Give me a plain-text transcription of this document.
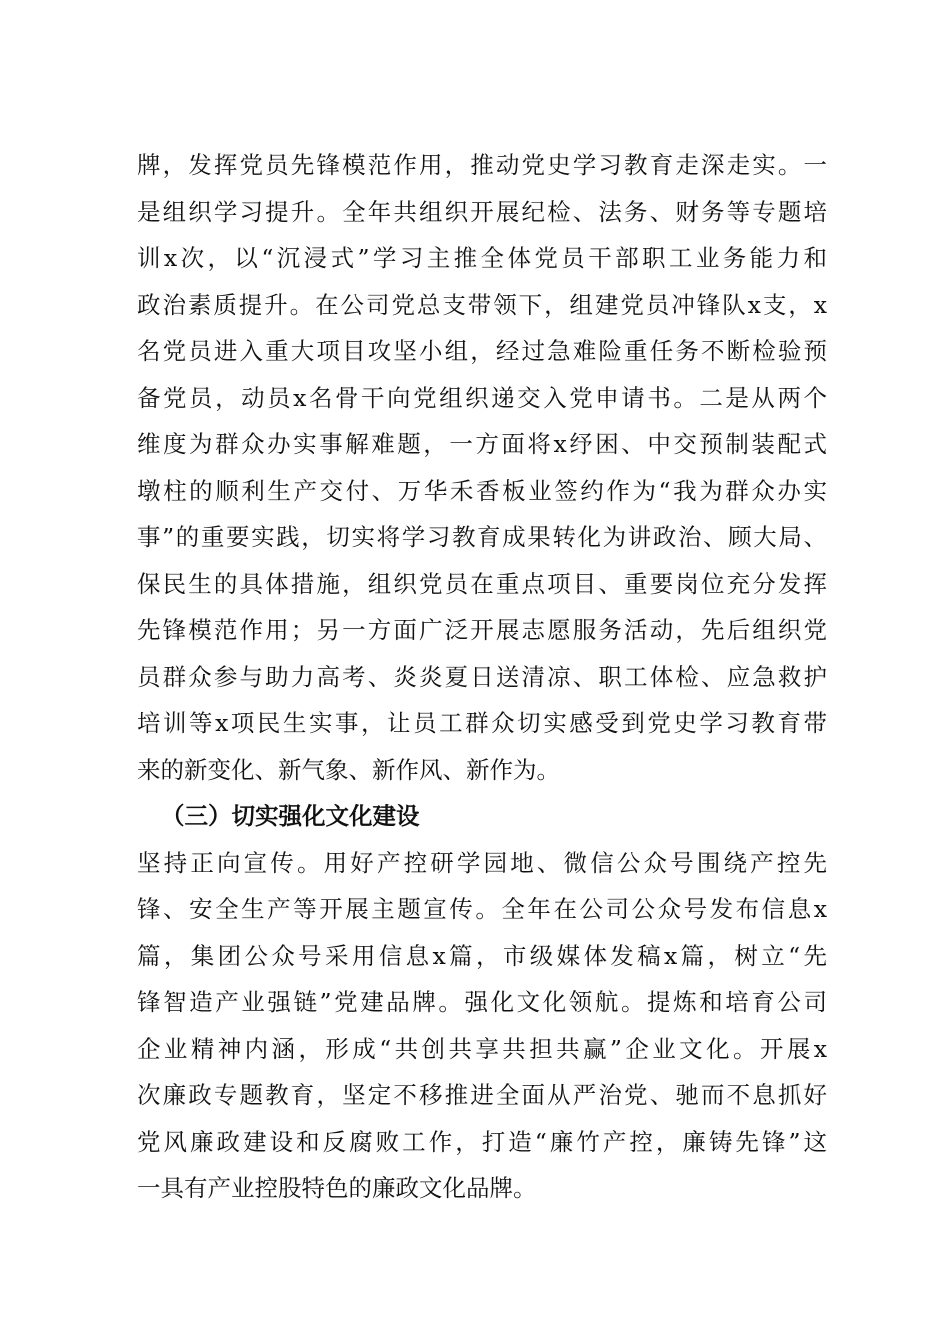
牌，发挥党员先锋模范作用，推动党史学习教育走深走实。一
是组织学习提升。全年共组织开展纪检、法务、财务等专题培
训x次，以“沉浸式”学习主推全体党员干部职工业务能力和
政治素质提升。在公司党总支带领下，组建党员冲锋队x支，x
名党员进入重大项目攻坚小组，经过急难险重任务不断检验预
备党员，动员x名骨干向党组织递交入党申请书。二是从两个
维度为群众办实事解难题，一方面将x纾困、中交预制装配式
墩柱的顺利生产交付、万华禾香板业签约作为“我为群众办实
事”的重要实践，切实将学习教育成果转化为讲政治、顾大局、
保民生的具体措施，组织党员在重点项目、重要岗位充分发挥
先锋模范作用；另一方面广泛开展志愿服务活动，先后组织党
员群众参与助力高考、炎炎夏日送清凉、职工体检、应急救护
培训等x项民生实事，让员工群众切实感受到党史学习教育带
来的新变化、新气象、新作风、新作为。
（三）切实强化文化建设
坚持正向宣传。用好产控研学园地、微信公众号围绕产控先
锋、安全生产等开展主题宣传。全年在公司公众号发布信息x
篇，集团公众号采用信息x篇，市级媒体发稿x篇，树立“先
锋智造产业强链”党建品牌。强化文化领航。提炼和培育公司
企业精神内涵，形成“共创共享共担共赢”企业文化。开展x
次廉政专题教育，坚定不移推进全面从严治党、驰而不息抓好
党风廉政建设和反腐败工作，打造“廉竹产控，廉铸先锋”这
一具有产业控股特色的廉政文化品牌。
